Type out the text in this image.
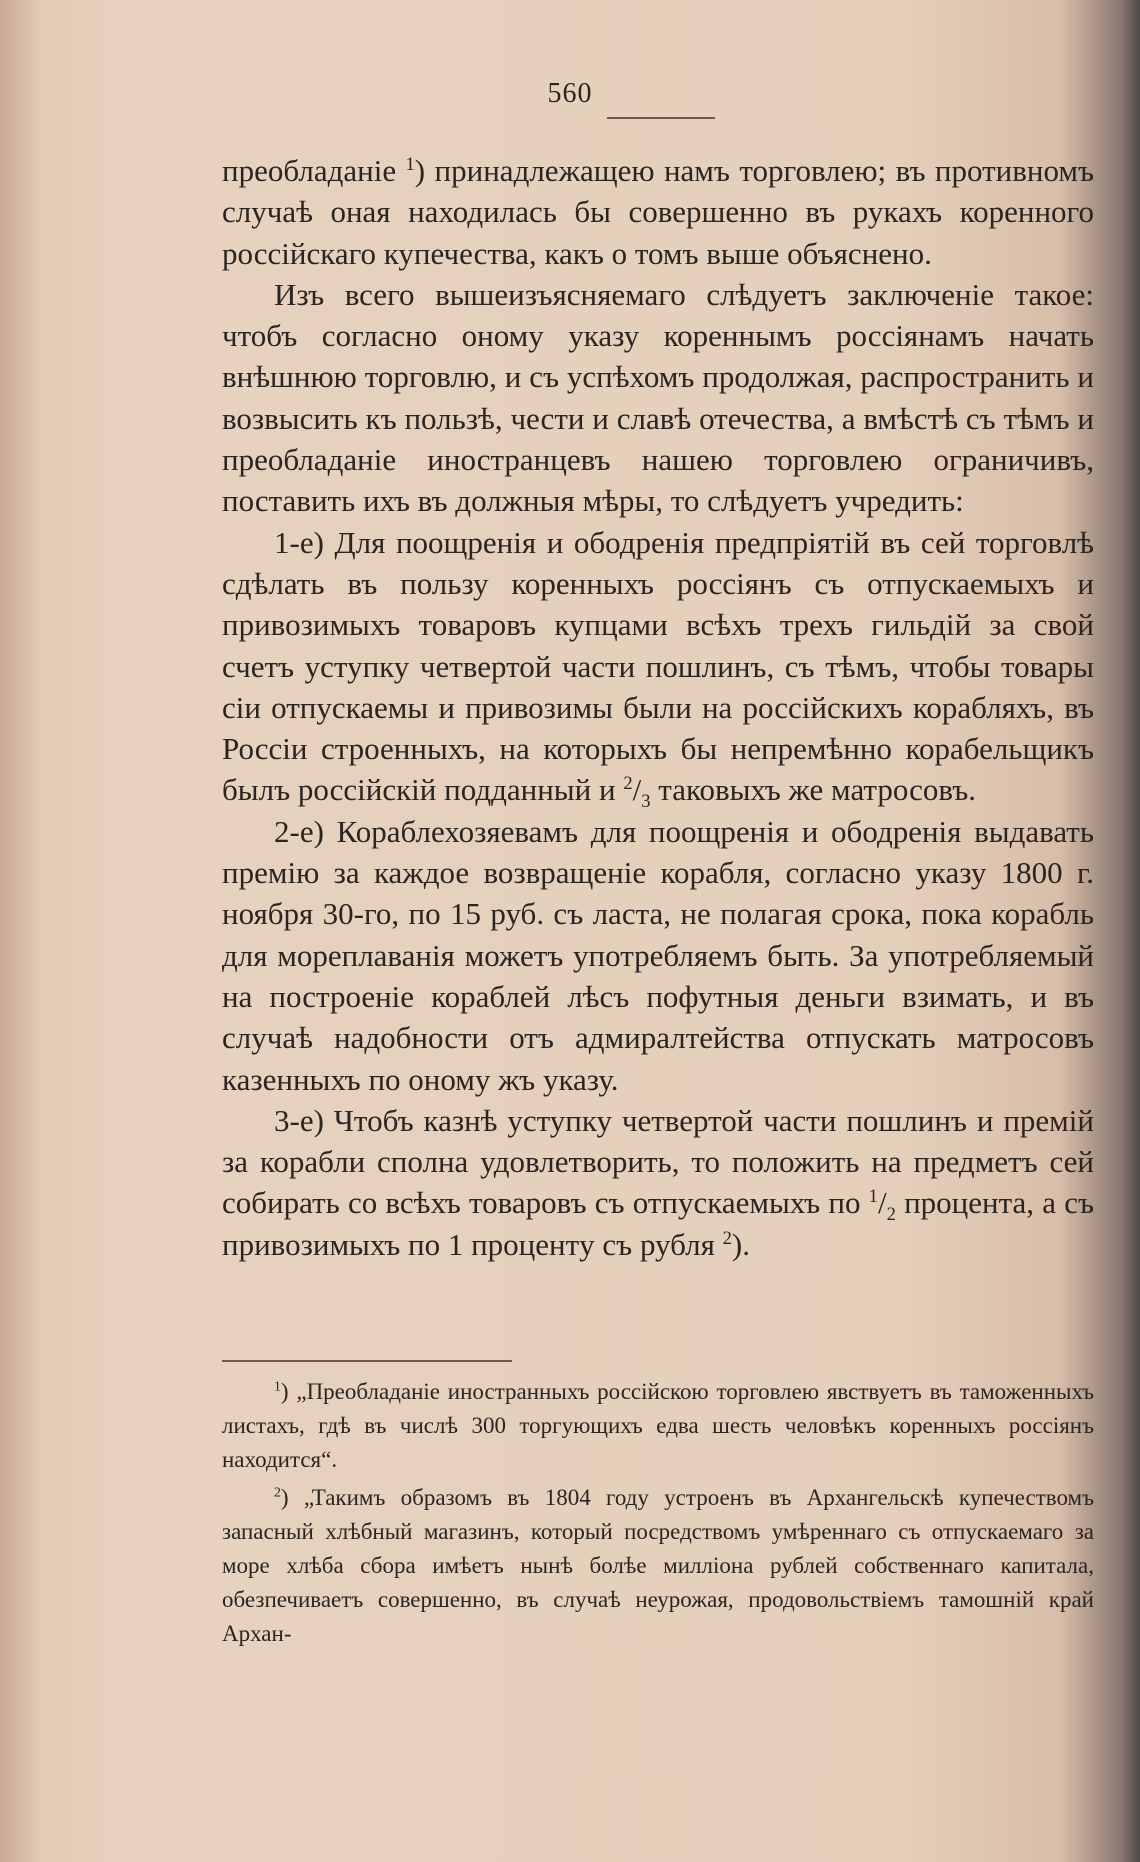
560

преобладаніе $^1$) принадлежащею намъ торговлею; въ противномъ случаѣ оная находилась бы совершенно въ рукахъ коренного россійскаго купечества, какъ о томъ выше объяснено.

Изъ всего вышеизъясняемаго слѣдуетъ заключеніе такое: чтобъ согласно оному указу кореннымъ россіянамъ начать внѣшнюю торговлю, и съ успѣхомъ продолжая, распространить и возвысить къ пользѣ, чести и славѣ отечества, а вмѣстѣ съ тѣмъ и преобладаніе иностранцевъ нашею торговлею ограничивъ, поставить ихъ въ должныя мѣры, то слѣдуетъ учредить:

1-е) Для поощренія и ободренія предпріятій въ сей торговлѣ сдѣлать въ пользу коренныхъ россіянъ съ отпускаемыхъ и привозимыхъ товаровъ купцами всѣхъ трехъ гильдій за свой счетъ уступку четвертой части пошлинъ, съ тѣмъ, чтобы товары сіи отпускаемы и привозимы были на россійскихъ корабляхъ, въ Россіи строенныхъ, на которыхъ бы непремѣнно корабельщикъ былъ россійскій подданный и $^2/_3$ таковыхъ же матросовъ.

2-е) Кораблехозяевамъ для поощренія и ободренія выдавать премію за каждое возвращеніе корабля, согласно указу 1800 г. ноября 30-го, по 15 руб. съ ласта, не полагая срока, пока корабль для мореплаванія можетъ употребляемъ быть. За употребляемый на построеніе кораблей лѣсъ пофутныя деньги взимать, и въ случаѣ надобности отъ адмиралтейства отпускать матросовъ казенныхъ по оному жъ указу.

3-е) Чтобъ казнѣ уступку четвертой части пошлинъ и премій за корабли сполна удовлетворить, то положить на предметъ сей собирать со всѣхъ товаровъ съ отпускаемыхъ по $^1/_2$ процента, а съ привозимыхъ по 1 процентy съ рубля $^2$).

$^1$) „Преобладаніе иностранныхъ россійскою торговлею явствуетъ въ таможенныхъ листахъ, гдѣ въ числѣ 300 торгующихъ едва шесть человѣкъ коренныхъ россіянъ находится“.

$^2$) „Такимъ образомъ въ 1804 году устроенъ въ Архангельскѣ купечествомъ запасный хлѣбный магазинъ, который посредствомъ умѣреннаго съ отпускаемаго за море хлѣба сбора имѣетъ нынѣ болѣе милліона рублей собственнаго капитала, обезпечиваетъ совершенно, въ случаѣ неурожая, продовольствіемъ тамошній край Архан-
